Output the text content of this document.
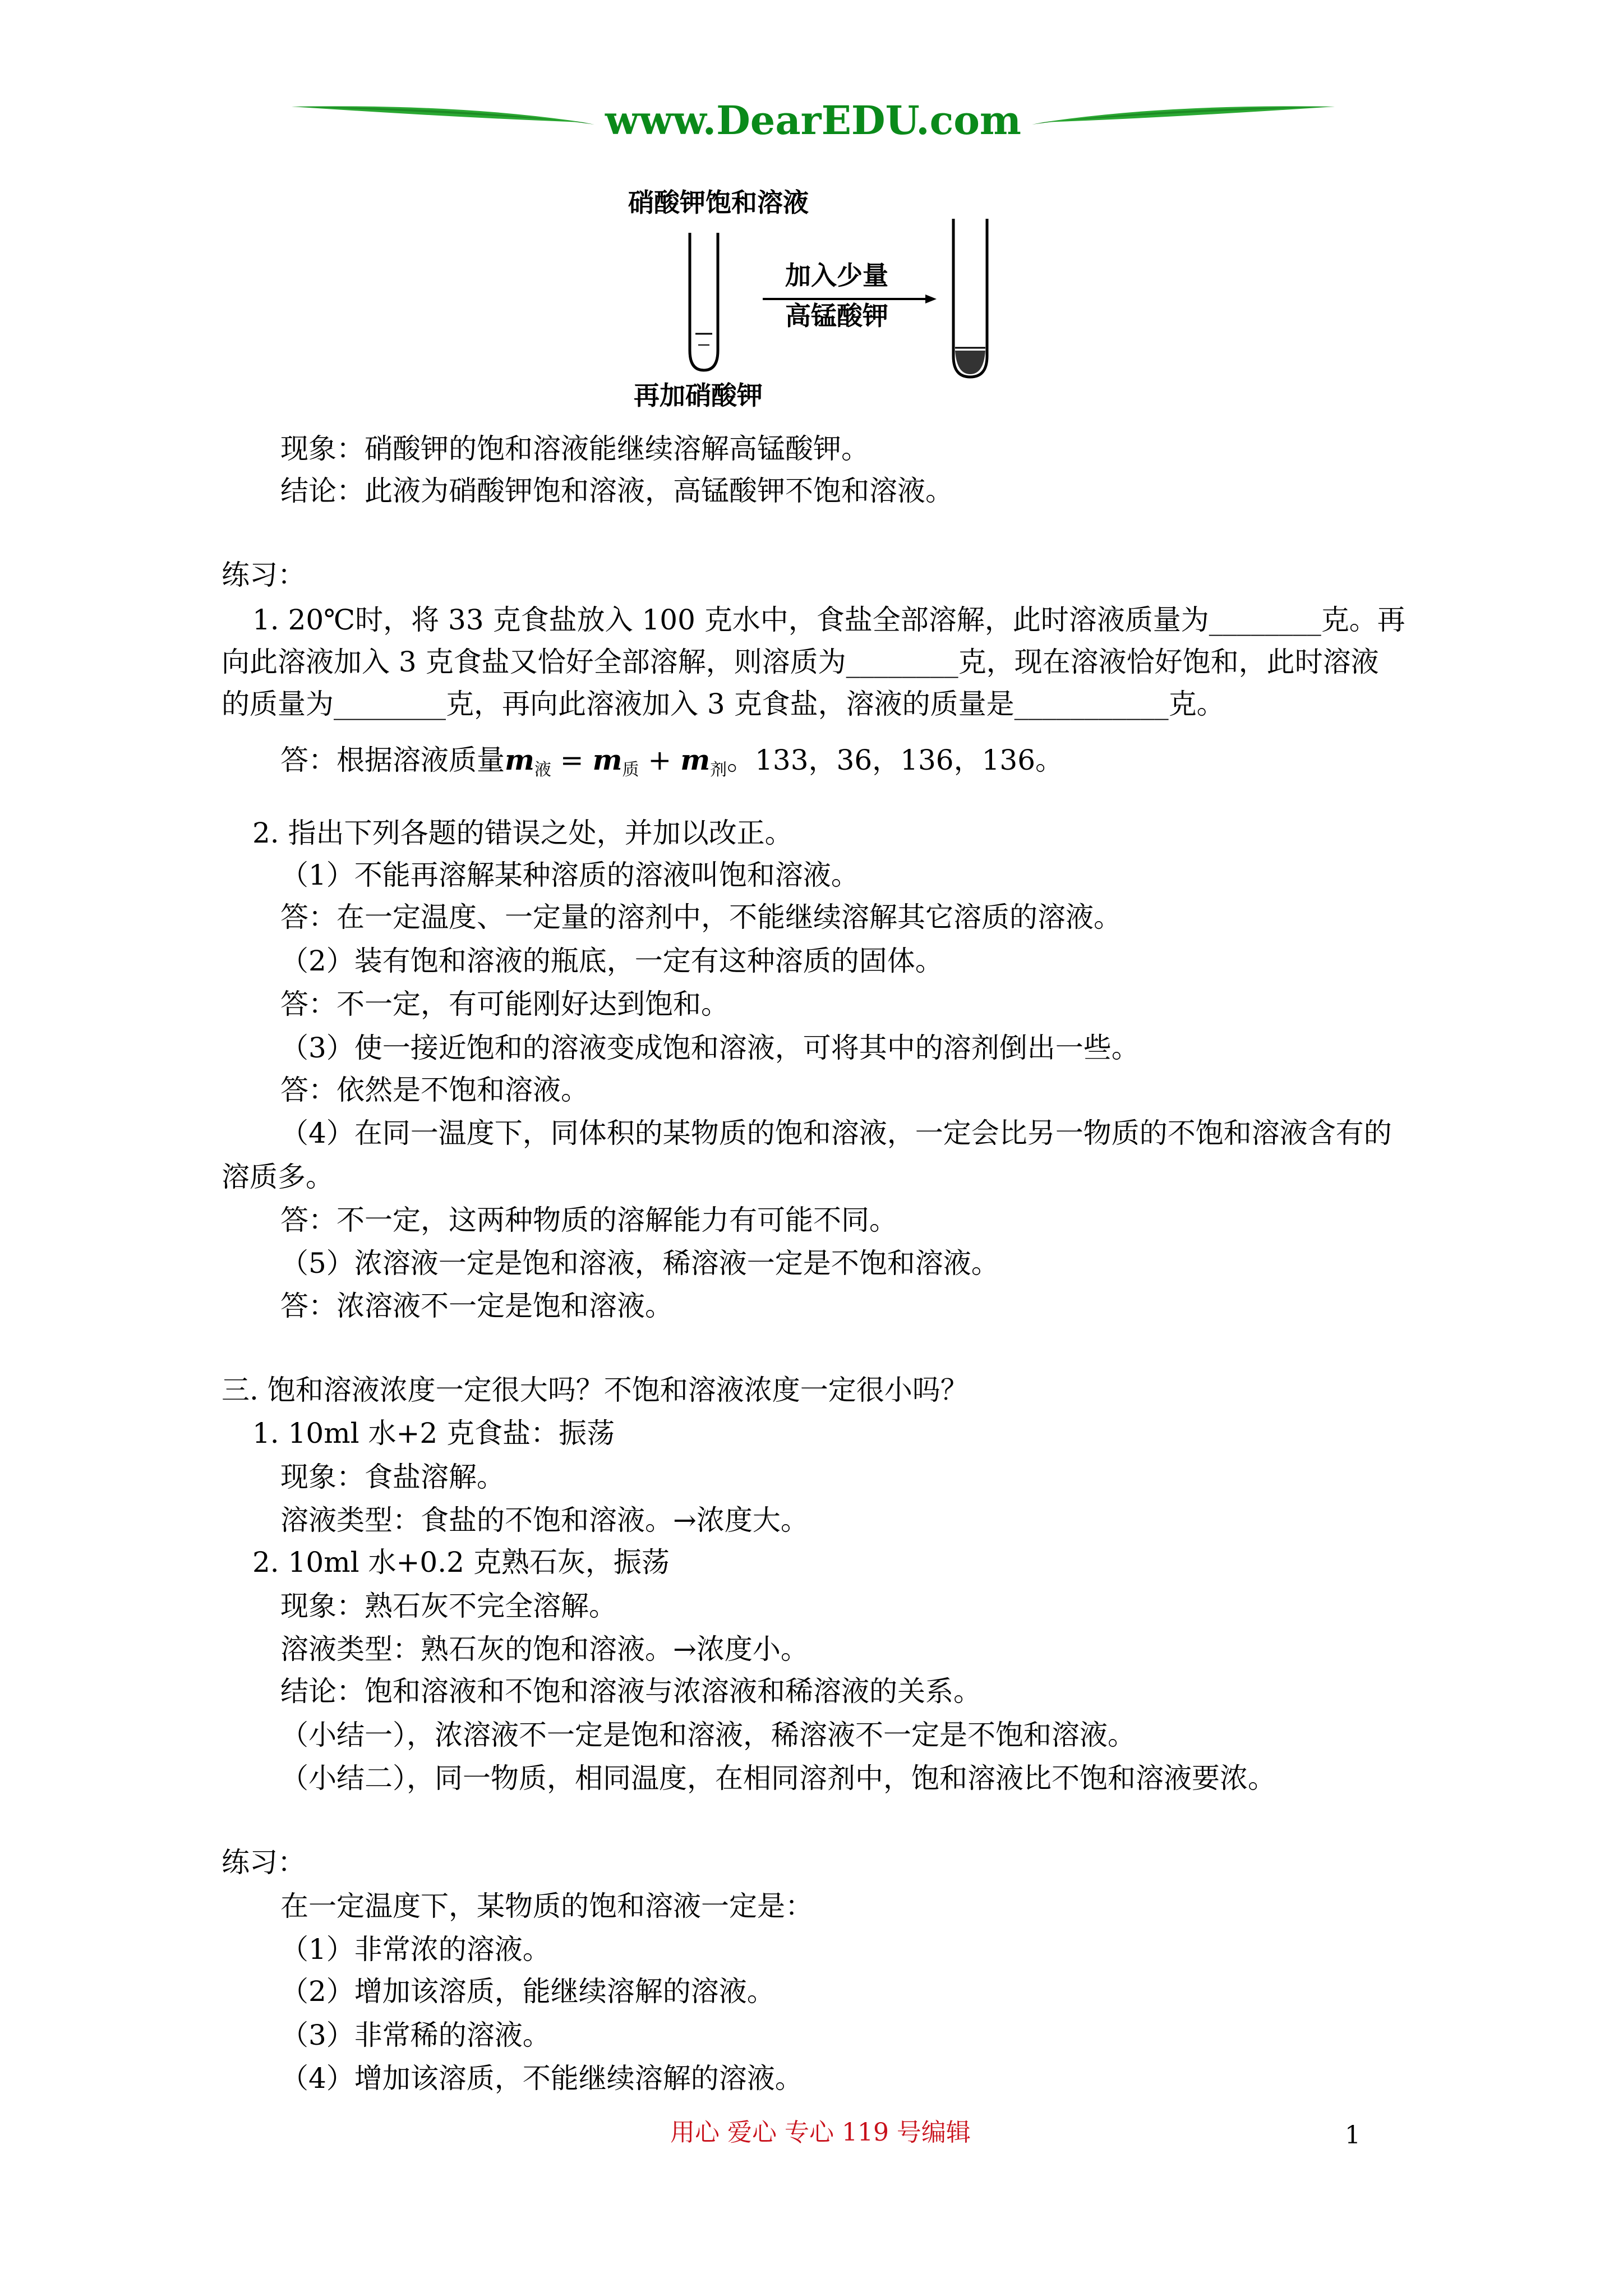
www.DearEDU.com
硝酸钾饱和溶液
加入少量
高锰酸钾
再加硝酸钾
现象：硝酸钾的饱和溶液能继续溶解高锰酸钾。
结论：此液为硝酸钾饱和溶液，高锰酸钾不饱和溶液。
练习：
1. 20℃时，将 33 克食盐放入 100 克水中，食盐全部溶解，此时溶液质量为________克。再
向此溶液加入 3 克食盐又恰好全部溶解，则溶质为________克，现在溶液恰好饱和，此时溶液
的质量为________克，再向此溶液加入 3 克食盐，溶液的质量是___________克。
答：根据溶液质量$m_液 = m_质 + m_剂$。133，36，136，136。
2. 指出下列各题的错误之处，并加以改正。
（1）不能再溶解某种溶质的溶液叫饱和溶液。
答：在一定温度、一定量的溶剂中，不能继续溶解其它溶质的溶液。
（2）装有饱和溶液的瓶底，一定有这种溶质的固体。
答：不一定，有可能刚好达到饱和。
（3）使一接近饱和的溶液变成饱和溶液，可将其中的溶剂倒出一些。
答：依然是不饱和溶液。
（4）在同一温度下，同体积的某物质的饱和溶液，一定会比另一物质的不饱和溶液含有的
溶质多。
答：不一定，这两种物质的溶解能力有可能不同。
（5）浓溶液一定是饱和溶液，稀溶液一定是不饱和溶液。
答：浓溶液不一定是饱和溶液。
三. 饱和溶液浓度一定很大吗？不饱和溶液浓度一定很小吗？
1. 10ml 水+2 克食盐：振荡
现象：食盐溶解。
溶液类型：食盐的不饱和溶液。→浓度大。
2. 10ml 水+0.2 克熟石灰，振荡
现象：熟石灰不完全溶解。
溶液类型：熟石灰的饱和溶液。→浓度小。
结论：饱和溶液和不饱和溶液与浓溶液和稀溶液的关系。
（小结一），浓溶液不一定是饱和溶液，稀溶液不一定是不饱和溶液。
（小结二），同一物质，相同温度，在相同溶剂中，饱和溶液比不饱和溶液要浓。
练习：
在一定温度下，某物质的饱和溶液一定是：
（1）非常浓的溶液。
（2）增加该溶质，能继续溶解的溶液。
（3）非常稀的溶液。
（4）增加该溶质，不能继续溶解的溶液。
用心 爱心 专心 119 号编辑	1
